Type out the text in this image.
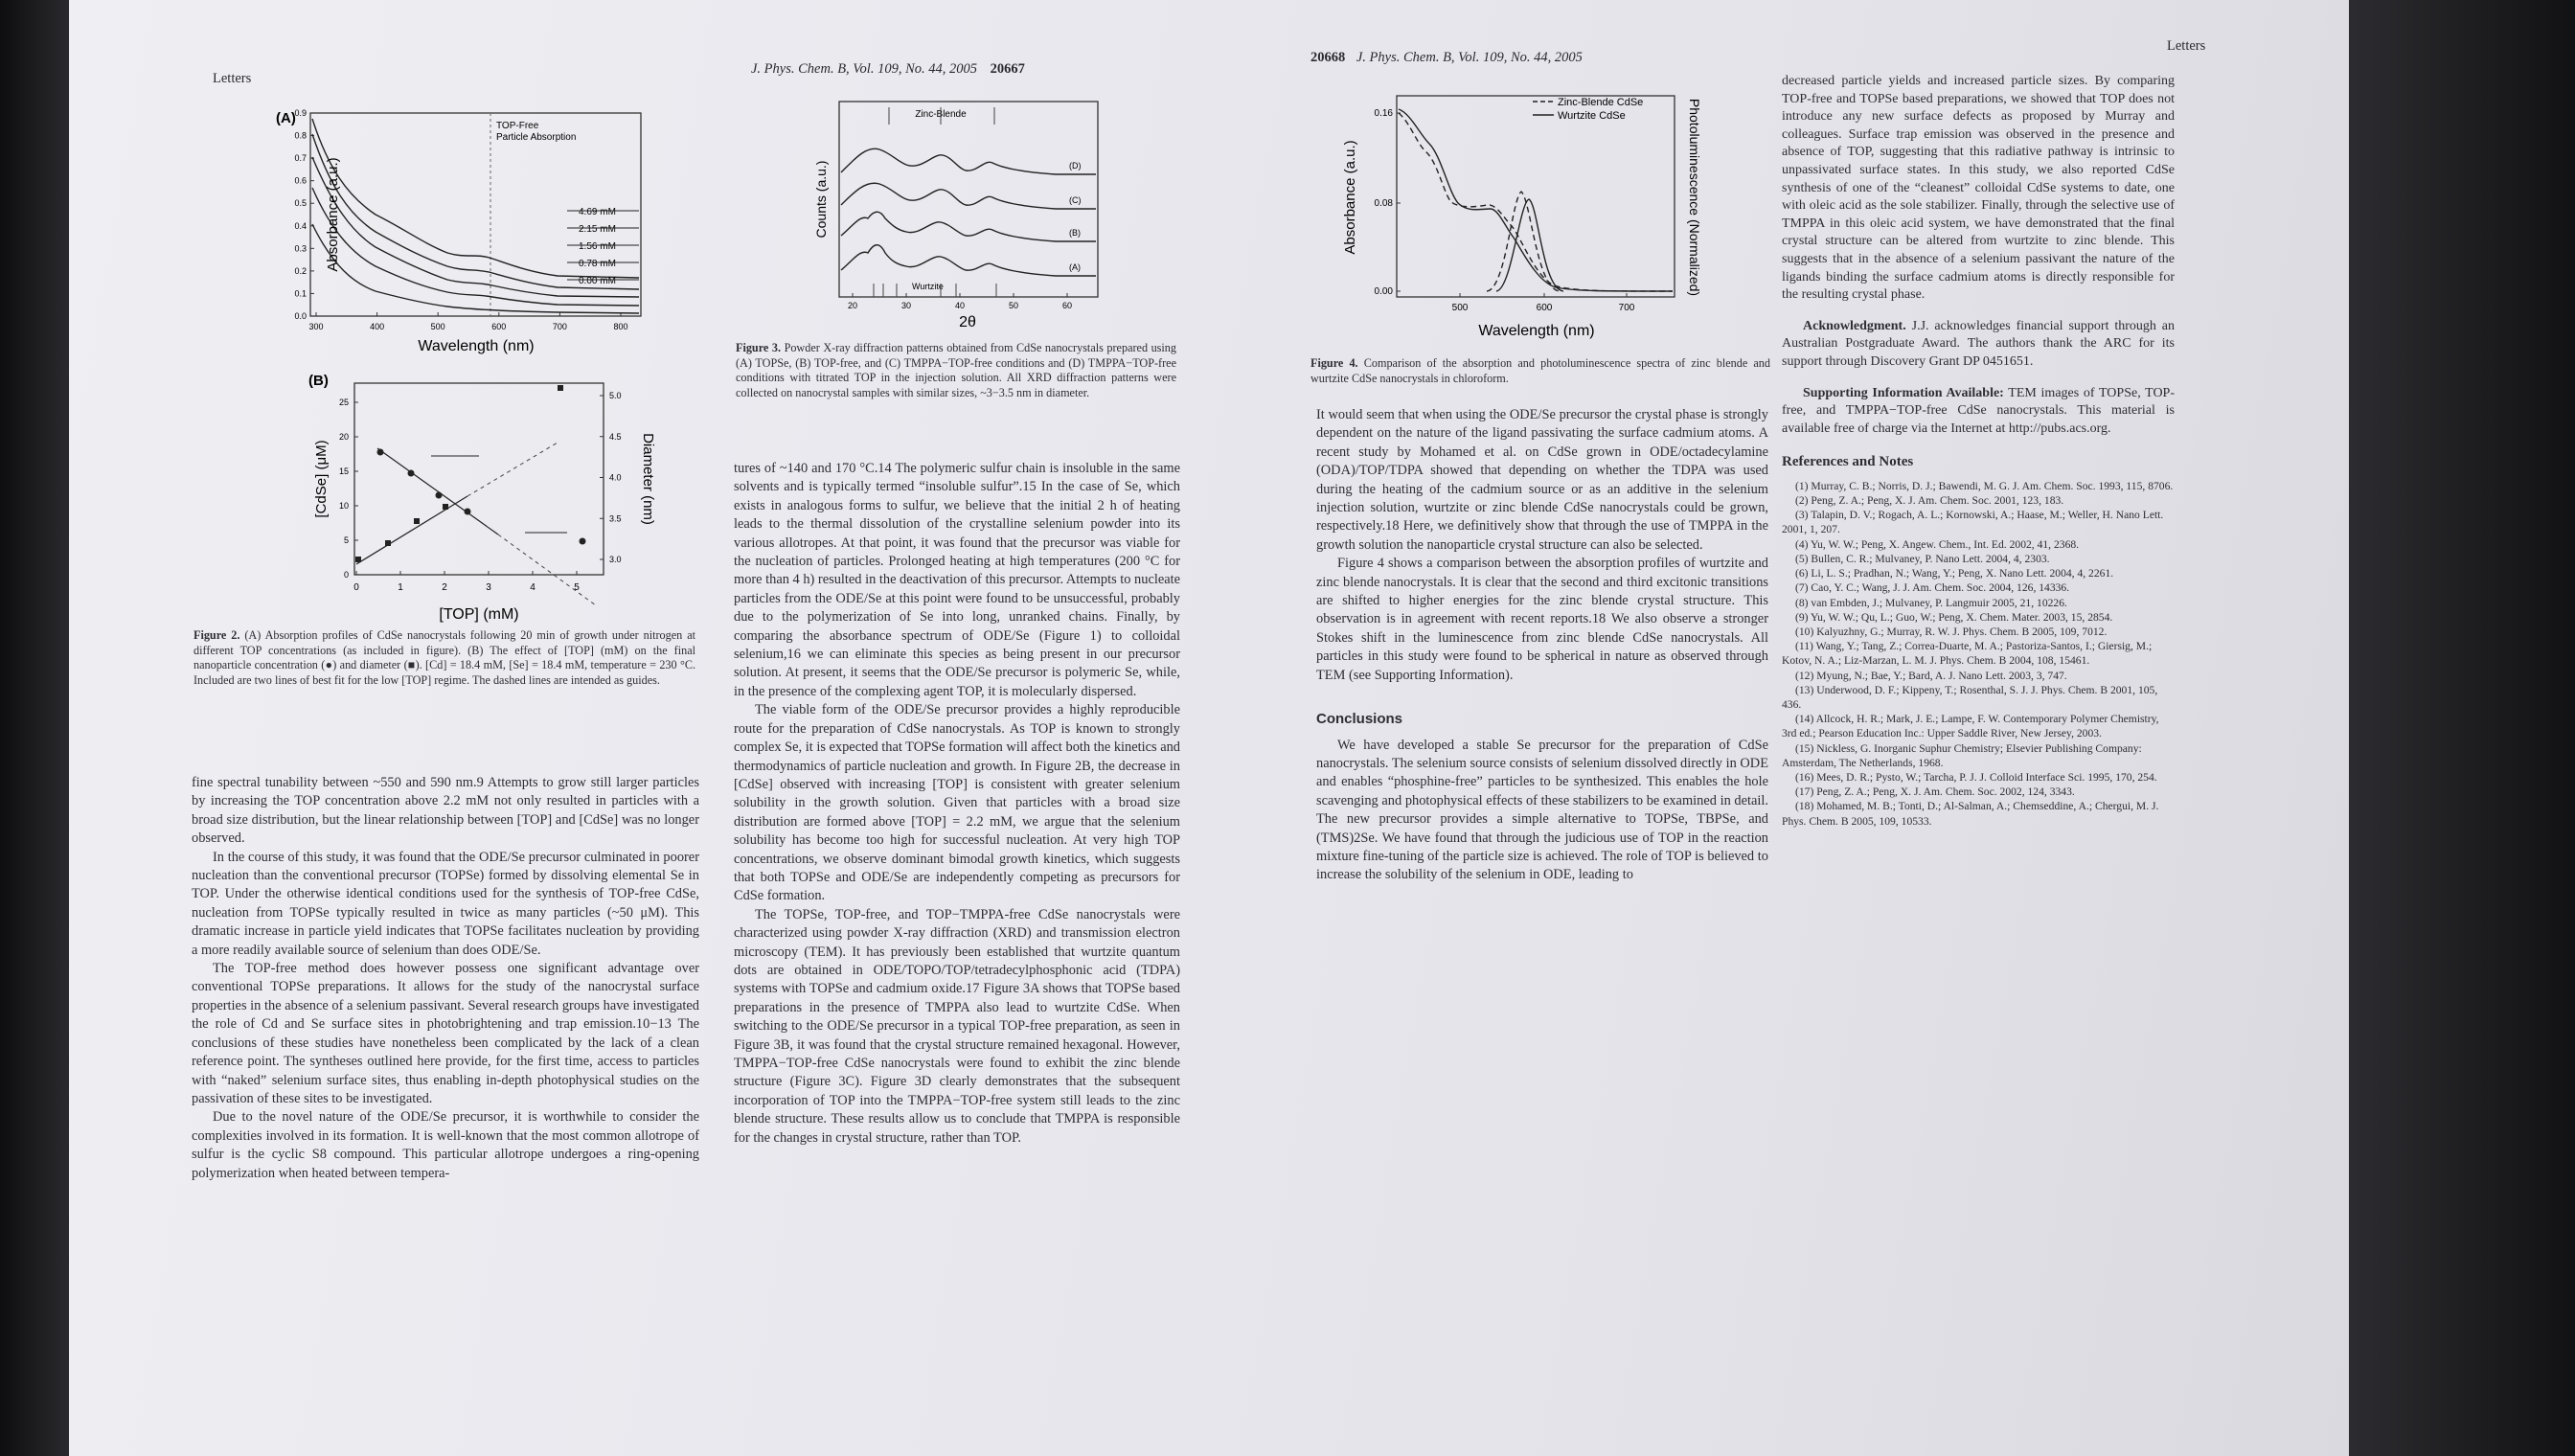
Letters
J. Phys. Chem. B, Vol. 109, No. 44, 2005 20667
20668 J. Phys. Chem. B, Vol. 109, No. 44, 2005
Letters
(A)
0.0
0.1
0.2
0.3
0.4
0.5
0.6
0.7
0.8
0.9
300	400	500	600	700	800
TOP-Free
Particle Absorption
4.69 mM
2.15 mM
1.56 mM
0.78 mM
0.00 mM
Wavelength (nm)
Absorbance (a.u.)
(B)
0
5
10
15
20
25
3.0
3.5
4.0
4.5
5.0
0	1	2	3	4	5
[TOP] (mM)
[CdSe] (μM)	Diameter (nm)
Figure 2. (A) Absorption profiles of CdSe nanocrystals following 20 min of growth under nitrogen at different TOP concentrations (as included in figure). (B) The effect of [TOP] (mM) on the final nanoparticle concentration (●) and diameter (■). [Cd] = 18.4 mM, [Se] = 18.4 mM, temperature = 230 °C. Included are two lines of best fit for the low [TOP] regime. The dashed lines are intended as guides.

fine spectral tunability between ~550 and 590 nm.9 Attempts to grow still larger particles by increasing the TOP concentration above 2.2 mM not only resulted in particles with a broad size distribution, but the linear relationship between [TOP] and [CdSe] was no longer observed.

In the course of this study, it was found that the ODE/Se precursor culminated in poorer nucleation than the conventional precursor (TOPSe) formed by dissolving elemental Se in TOP. Under the otherwise identical conditions used for the synthesis of TOP-free CdSe, nucleation from TOPSe typically resulted in twice as many particles (~50 μM). This dramatic increase in particle yield indicates that TOPSe facilitates nucleation by providing a more readily available source of selenium than does ODE/Se.

The TOP-free method does however possess one significant advantage over conventional TOPSe preparations. It allows for the study of the nanocrystal surface properties in the absence of a selenium passivant. Several research groups have investigated the role of Cd and Se surface sites in photobrightening and trap emission.10−13 The conclusions of these studies have nonetheless been complicated by the lack of a clean reference point. The syntheses outlined here provide, for the first time, access to particles with “naked” selenium surface sites, thus enabling in-depth photophysical studies on the passivation of these sites to be investigated.

Due to the novel nature of the ODE/Se precursor, it is worthwhile to consider the complexities involved in its formation. It is well-known that the most common allotrope of sulfur is the cyclic S8 compound. This particular allotrope undergoes a ring-opening polymerization when heated between tempera-

Zinc-Blende
(D)
(C)
(B)
(A)
Wurtzite
20	30	40	50	60
2θ
Counts (a.u.)
Figure 3. Powder X-ray diffraction patterns obtained from CdSe nanocrystals prepared using (A) TOPSe, (B) TOP-free, and (C) TMPPA−TOP-free conditions and (D) TMPPA−TOP-free conditions with titrated TOP in the injection solution. All XRD diffraction patterns were collected on nanocrystal samples with similar sizes, ~3−3.5 nm in diameter.

tures of ~140 and 170 °C.14 The polymeric sulfur chain is insoluble in the same solvents and is typically termed “insoluble sulfur”.15 In the case of Se, which exists in analogous forms to sulfur, we believe that the initial 2 h of heating leads to the thermal dissolution of the crystalline selenium powder into its various allotropes. At that point, it was found that the precursor was viable for the nucleation of particles. Prolonged heating at high temperatures (200 °C for more than 4 h) resulted in the deactivation of this precursor. Attempts to nucleate particles from the ODE/Se at this point were found to be unsuccessful, probably due to the polymerization of Se into long, unranked chains. Finally, by comparing the absorbance spectrum of ODE/Se (Figure 1) to colloidal selenium,16 we can eliminate this species as being present in our precursor solution. At present, it seems that the ODE/Se precursor is polymeric Se, while, in the presence of the complexing agent TOP, it is molecularly dispersed.

The viable form of the ODE/Se precursor provides a highly reproducible route for the preparation of CdSe nanocrystals. As TOP is known to strongly complex Se, it is expected that TOPSe formation will affect both the kinetics and thermodynamics of particle nucleation and growth. In Figure 2B, the decrease in [CdSe] observed with increasing [TOP] is consistent with greater selenium solubility in the growth solution. Given that particles with a broad size distribution are formed above [TOP] = 2.2 mM, we argue that the selenium solubility has become too high for successful nucleation. At very high TOP concentrations, we observe dominant bimodal growth kinetics, which suggests that both TOPSe and ODE/Se are independently competing as precursors for CdSe formation.

The TOPSe, TOP-free, and TOP−TMPPA-free CdSe nanocrystals were characterized using powder X-ray diffraction (XRD) and transmission electron microscopy (TEM). It has previously been established that wurtzite quantum dots are obtained in ODE/TOPO/TOP/tetradecylphosphonic acid (TDPA) systems with TOPSe and cadmium oxide.17 Figure 3A shows that TOPSe based preparations in the presence of TMPPA also lead to wurtzite CdSe. When switching to the ODE/Se precursor in a typical TOP-free preparation, as seen in Figure 3B, it was found that the crystal structure remained hexagonal. However, TMPPA−TOP-free CdSe nanocrystals were found to exhibit the zinc blende structure (Figure 3C). Figure 3D clearly demonstrates that the subsequent incorporation of TOP into the TMPPA−TOP-free system still leads to the zinc blende structure. These results allow us to conclude that TMPPA is responsible for the changes in crystal structure, rather than TOP.

0.00
0.08
0.16
500	600	700
Zinc-Blende CdSe
Wurtzite CdSe
Wavelength (nm)
Absorbance (a.u.)	Photoluminescence (Normalized)
Figure 4. Comparison of the absorption and photoluminescence spectra of zinc blende and wurtzite CdSe nanocrystals in chloroform.

It would seem that when using the ODE/Se precursor the crystal phase is strongly dependent on the nature of the ligand passivating the surface cadmium atoms. A recent study by Mohamed et al. on CdSe grown in ODE/octadecylamine (ODA)/TOP/TDPA showed that depending on whether the TDPA was used during the heating of the cadmium source or as an additive in the selenium injection solution, wurtzite or zinc blende CdSe nanocrystals could be grown, respectively.18 Here, we definitively show that through the use of TMPPA in the growth solution the nanoparticle crystal structure can also be selected.

Figure 4 shows a comparison between the absorption profiles of wurtzite and zinc blende nanocrystals. It is clear that the second and third excitonic transitions are shifted to higher energies for the zinc blende crystal structure. This observation is in agreement with recent reports.18 We also observe a stronger Stokes shift in the luminescence from zinc blende CdSe nanocrystals. All particles in this study were found to be spherical in nature as observed through TEM (see Supporting Information).

Conclusions

We have developed a stable Se precursor for the preparation of CdSe nanocrystals. The selenium source consists of selenium dissolved directly in ODE and enables “phosphine-free” particles to be synthesized. This enables the hole scavenging and photophysical effects of these stabilizers to be examined in detail. The new precursor provides a simple alternative to TOPSe, TBPSe, and (TMS)2Se. We have found that through the judicious use of TOP in the reaction mixture fine-tuning of the particle size is achieved. The role of TOP is believed to increase the solubility of the selenium in ODE, leading to

decreased particle yields and increased particle sizes. By comparing TOP-free and TOPSe based preparations, we showed that TOP does not introduce any new surface defects as proposed by Murray and colleagues. Surface trap emission was observed in the presence and absence of TOP, suggesting that this radiative pathway is intrinsic to unpassivated surface states. In this study, we also reported CdSe synthesis of one of the “cleanest” colloidal CdSe systems to date, one with oleic acid as the sole stabilizer. Finally, through the selective use of TMPPA in this oleic acid system, we have demonstrated that the final crystal structure can be altered from wurtzite to zinc blende. This suggests that in the absence of a selenium passivant the nature of the ligands binding the surface cadmium atoms is directly responsible for the resulting crystal phase.

Acknowledgment. J.J. acknowledges financial support through an Australian Postgraduate Award. The authors thank the ARC for its support through Discovery Grant DP 0451651.

Supporting Information Available: TEM images of TOPSe, TOP-free, and TMPPA−TOP-free CdSe nanocrystals. This material is available free of charge via the Internet at http://pubs.acs.org.

References and Notes
(1) Murray, C. B.; Norris, D. J.; Bawendi, M. G. J. Am. Chem. Soc. 1993, 115, 8706.
(2) Peng, Z. A.; Peng, X. J. Am. Chem. Soc. 2001, 123, 183.
(3) Talapin, D. V.; Rogach, A. L.; Kornowski, A.; Haase, M.; Weller, H. Nano Lett. 2001, 1, 207.
(4) Yu, W. W.; Peng, X. Angew. Chem., Int. Ed. 2002, 41, 2368.
(5) Bullen, C. R.; Mulvaney, P. Nano Lett. 2004, 4, 2303.
(6) Li, L. S.; Pradhan, N.; Wang, Y.; Peng, X. Nano Lett. 2004, 4, 2261.
(7) Cao, Y. C.; Wang, J. J. Am. Chem. Soc. 2004, 126, 14336.
(8) van Embden, J.; Mulvaney, P. Langmuir 2005, 21, 10226.
(9) Yu, W. W.; Qu, L.; Guo, W.; Peng, X. Chem. Mater. 2003, 15, 2854.
(10) Kalyuzhny, G.; Murray, R. W. J. Phys. Chem. B 2005, 109, 7012.
(11) Wang, Y.; Tang, Z.; Correa-Duarte, M. A.; Pastoriza-Santos, I.; Giersig, M.; Kotov, N. A.; Liz-Marzan, L. M. J. Phys. Chem. B 2004, 108, 15461.
(12) Myung, N.; Bae, Y.; Bard, A. J. Nano Lett. 2003, 3, 747.
(13) Underwood, D. F.; Kippeny, T.; Rosenthal, S. J. J. Phys. Chem. B 2001, 105, 436.
(14) Allcock, H. R.; Mark, J. E.; Lampe, F. W. Contemporary Polymer Chemistry, 3rd ed.; Pearson Education Inc.: Upper Saddle River, New Jersey, 2003.
(15) Nickless, G. Inorganic Suphur Chemistry; Elsevier Publishing Company: Amsterdam, The Netherlands, 1968.
(16) Mees, D. R.; Pysto, W.; Tarcha, P. J. J. Colloid Interface Sci. 1995, 170, 254.
(17) Peng, Z. A.; Peng, X. J. Am. Chem. Soc. 2002, 124, 3343.
(18) Mohamed, M. B.; Tonti, D.; Al-Salman, A.; Chemseddine, A.; Chergui, M. J. Phys. Chem. B 2005, 109, 10533.
